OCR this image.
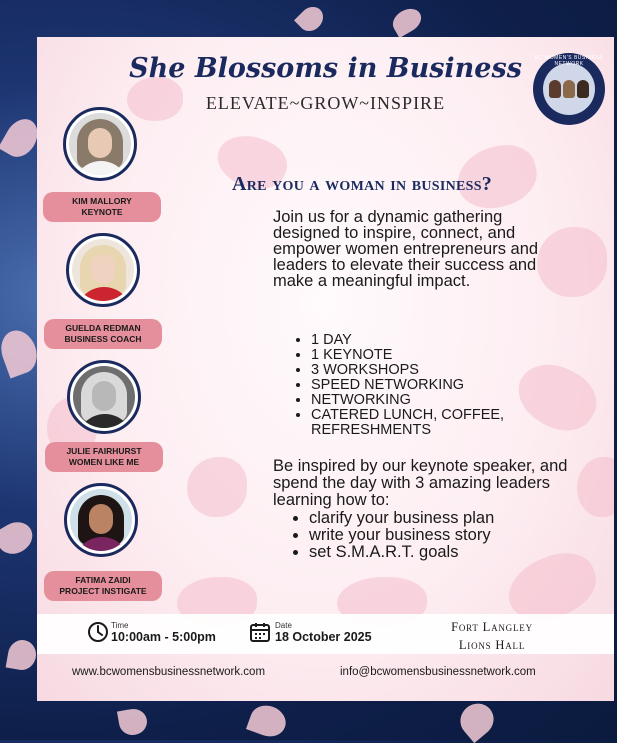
She Blossoms in Business
ELEVATE~GROW~INSPIRE
BC WOMEN'S BUSINESS NETWORK
KIM MALLORY
KEYNOTE
GUELDA REDMAN
BUSINESS COACH
JULIE FAIRHURST
WOMEN LIKE ME
FATIMA ZAIDI
PROJECT INSTIGATE
Are you a woman in business?
Join us for a dynamic gathering designed to inspire, connect, and empower women entrepreneurs and leaders to elevate their success and make a meaningful impact.
• 1 DAY
• 1 KEYNOTE
• 3 WORKSHOPS
• SPEED NETWORKING
• NETWORKING
• CATERED LUNCH, COFFEE, REFRESHMENTS
Be inspired by our keynote speaker, and spend the day with 3 amazing leaders learning how to:
• clarify your business plan
• write your business story
• set S.M.A.R.T. goals
Time
10:00am - 5:00pm
Date
18 October 2025
Fort Langley
Lions Hall
www.bcwomensbusinessnetwork.com	info@bcwomensbusinessnetwork.com
